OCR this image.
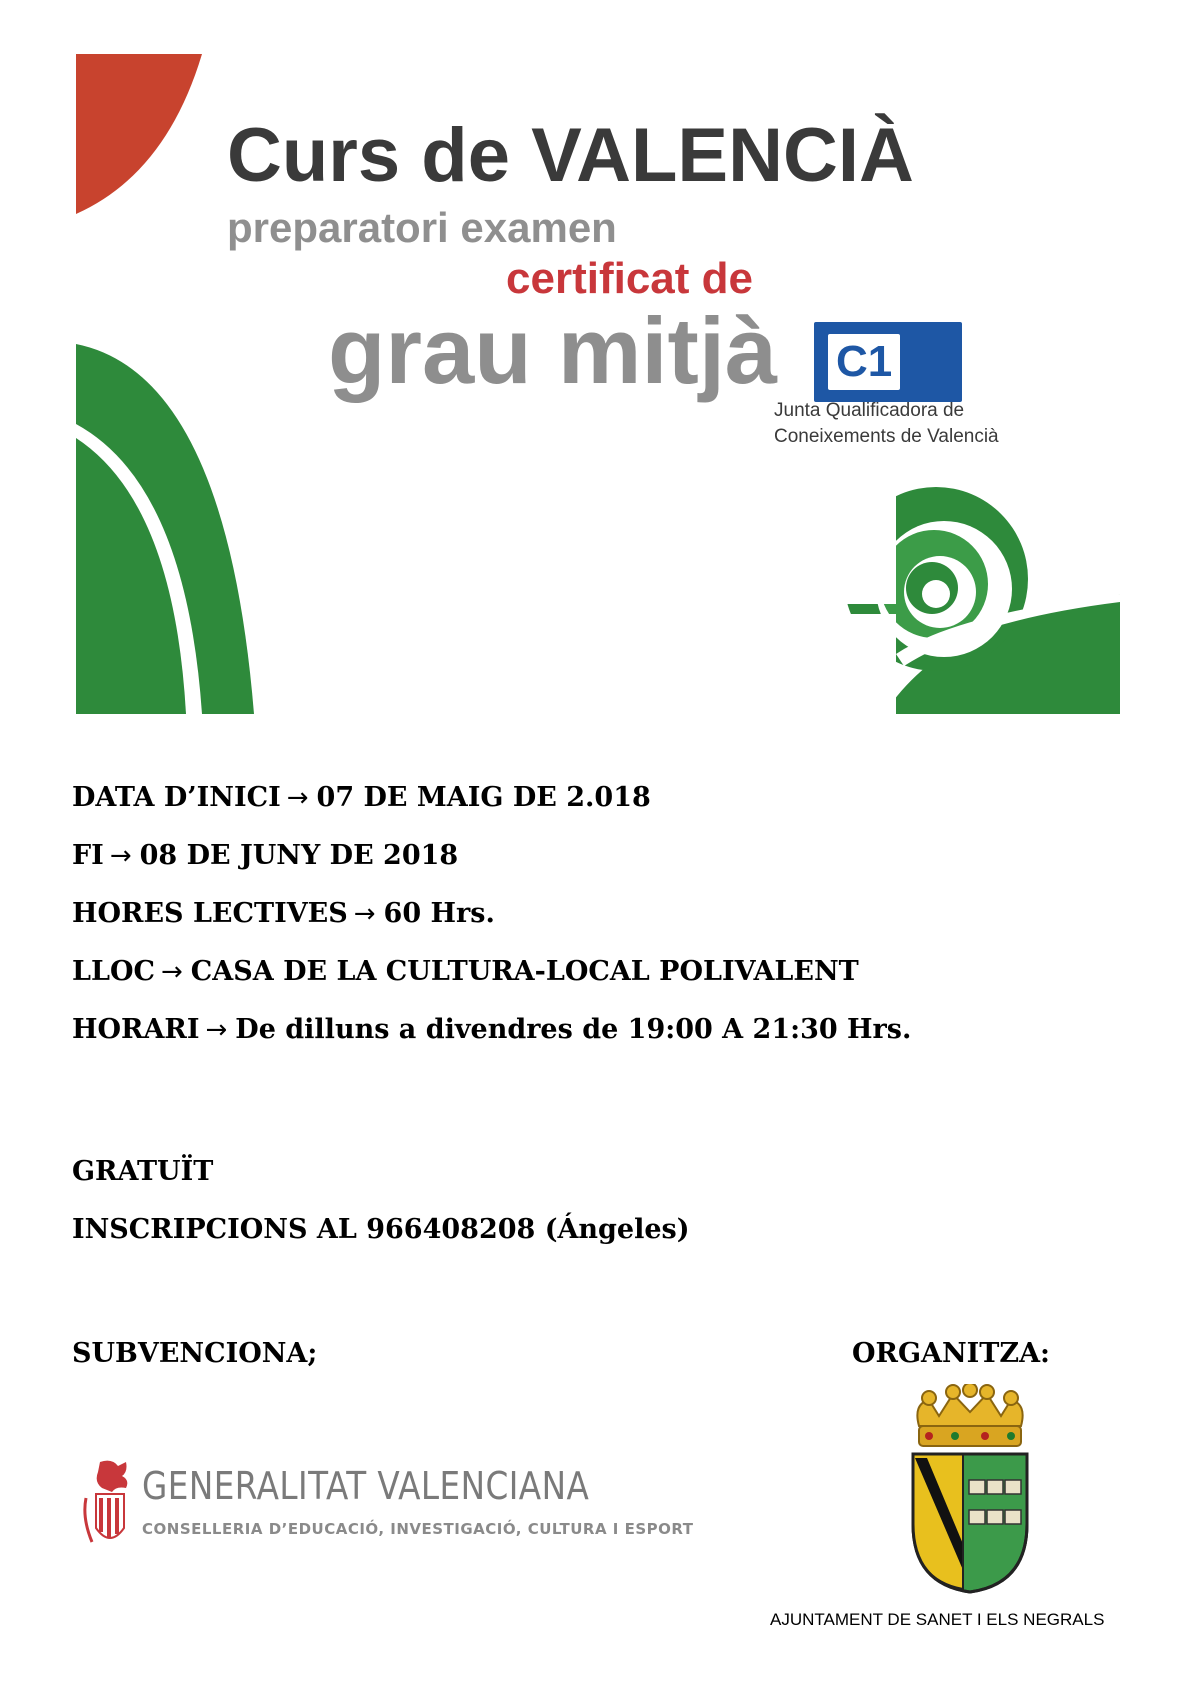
Curs de VALENCIÀ
preparatori examen
certificat de
grau mitjà C1
Junta Qualificadora de
Coneixements de Valencià
DATA D’INICI → 07 DE MAIG DE 2.018
FI → 08 DE JUNY DE 2018
HORES LECTIVES → 60 Hrs.
LLOC → CASA DE LA CULTURA-LOCAL POLIVALENT
HORARI → De dilluns a divendres de 19:00 A 21:30 Hrs.
GRATUÏT
INSCRIPCIONS AL 966408208 (Ángeles)
SUBVENCIONA;	ORGANITZA:
GENERALITAT VALENCIANA
CONSELLERIA D’EDUCACIÓ, INVESTIGACIÓ, CULTURA I ESPORT
AJUNTAMENT DE SANET I ELS NEGRALS
